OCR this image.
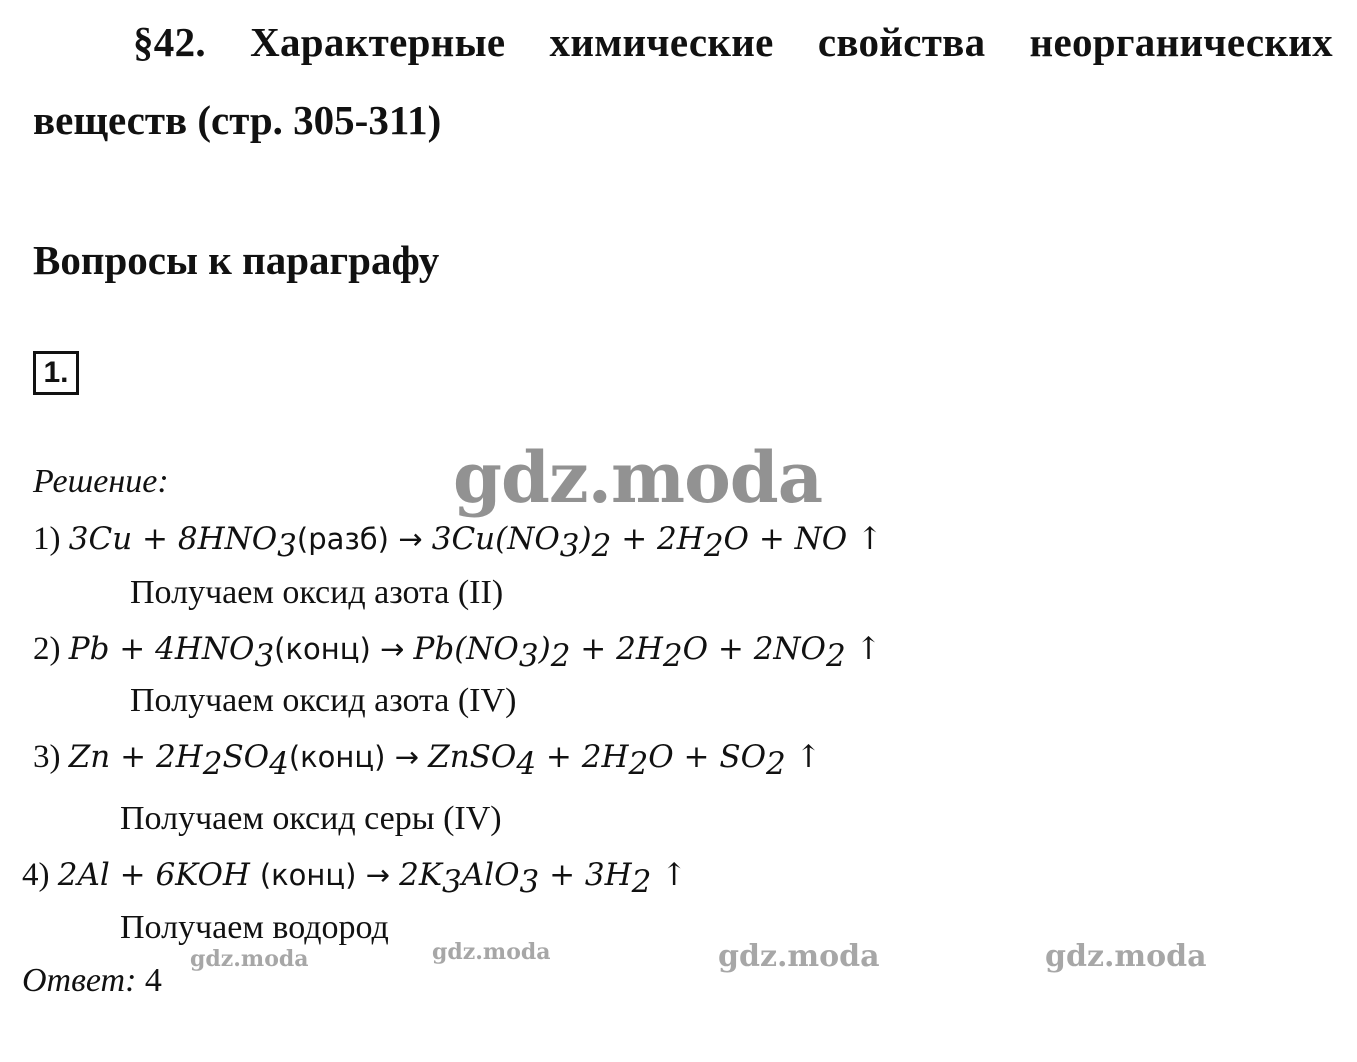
§42. Характерные химические свойства неорганических
веществ (стр. 305-311)
Вопросы к параграфу
1.
Решение:
1) $3Cu + 8HNO_3(разб) \to 3Cu(NO_3)_2 + 2H_2O$ + NO ↑
Получаем оксид азота (II)
2) $Pb + 4HNO_3(конц) \to Pb(NO_3)_2 + 2H_2O + 2NO_2$ ↑
Получаем оксид азота (IV)
3) $Zn + 2H_2SO_4(конц)$ → ZnSO$_4$ + $2H_2O + SO_2$ ↑
Получаем оксид серы (IV)
4) 2Al + 6KOH (конц) → $2K_3AlO_3 + 3H_2$ ↑
Получаем водород
Ответ: 4
gdz.moda
gdz.moda	gdz.moda	gdz.moda	gdz.moda
